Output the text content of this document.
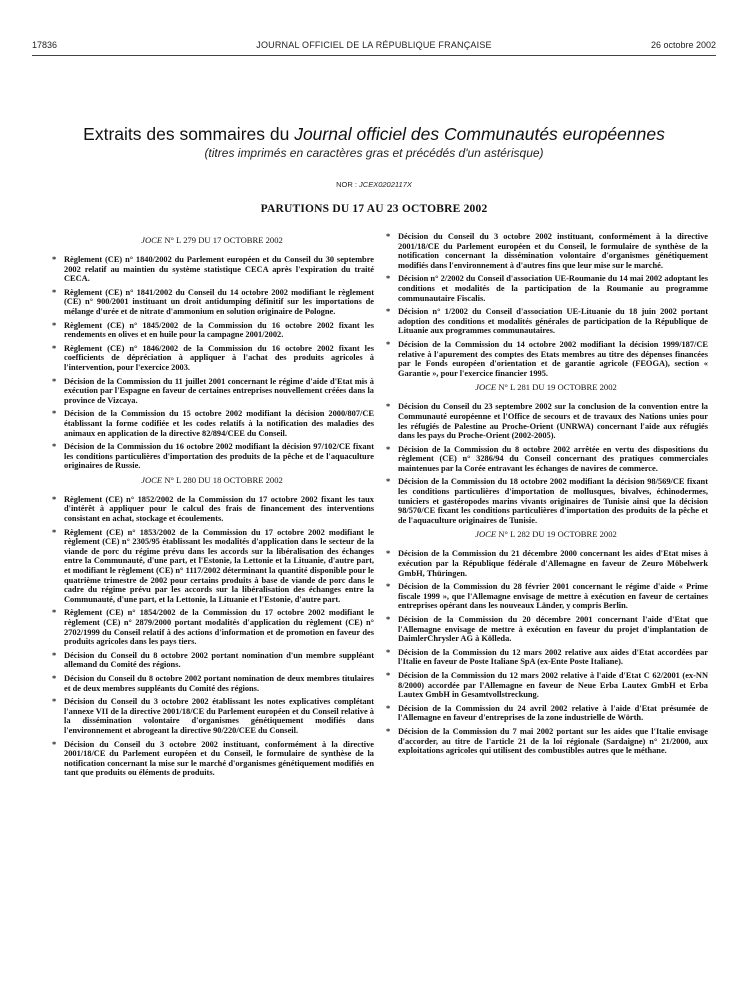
17836	JOURNAL OFFICIEL DE LA RÉPUBLIQUE FRANÇAISE	26 octobre 2002
Extraits des sommaires du Journal officiel des Communautés européennes
(titres imprimés en caractères gras et précédés d'un astérisque)
NOR : JCEX0202117X
PARUTIONS DU 17 AU 23 OCTOBRE 2002
JOCE N° L 279 DU 17 OCTOBRE 2002
* Règlement (CE) n° 1840/2002 du Parlement européen et du Conseil du 30 septembre 2002 relatif au maintien du système statistique CECA après l'expiration du traité CECA.
* Règlement (CE) n° 1841/2002 du Conseil du 14 octobre 2002 modifiant le règlement (CE) n° 900/2001 instituant un droit antidumping définitif sur les importations de mélange d'urée et de nitrate d'ammonium en solution originaire de Pologne.
* Règlement (CE) n° 1845/2002 de la Commission du 16 octobre 2002 fixant les rendements en olives et en huile pour la campagne 2001/2002.
* Règlement (CE) n° 1846/2002 de la Commission du 16 octobre 2002 fixant les coefficients de dépréciation à appliquer à l'achat des produits agricoles à l'intervention, pour l'exercice 2003.
* Décision de la Commission du 11 juillet 2001 concernant le régime d'aide d'Etat mis à exécution par l'Espagne en faveur de certaines entreprises nouvellement créées dans la province de Vizcaya.
* Décision de la Commission du 15 octobre 2002 modifiant la décision 2000/807/CE établissant la forme codifiée et les codes relatifs à la notification des maladies des animaux en application de la directive 82/894/CEE du Conseil.
* Décision de la Commission du 16 octobre 2002 modifiant la décision 97/102/CE fixant les conditions particulières d'importation des produits de la pêche et de l'aquaculture originaires de Russie.
JOCE N° L 280 DU 18 OCTOBRE 2002
* Règlement (CE) n° 1852/2002 de la Commission du 17 octobre 2002 fixant les taux d'intérêt à appliquer pour le calcul des frais de financement des interventions consistant en achat, stockage et écoulements.
* Règlement (CE) n° 1853/2002 de la Commission du 17 octobre 2002 modifiant le règlement (CE) n° 2305/95 établissant les modalités d'application dans le secteur de la viande de porc du régime prévu dans les accords sur la libéralisation des échanges entre la Communauté, d'une part, et l'Estonie, la Lettonie et la Lituanie, d'autre part, et modifiant le règlement (CE) n° 1117/2002 déterminant la quantité disponible pour le quatrième trimestre de 2002 pour certains produits à base de viande de porc dans le cadre du régime prévu par les accords sur la libéralisation des échanges entre la Communauté, d'une part, et la Lettonie, la Lituanie et l'Estonie, d'autre part.
* Règlement (CE) n° 1854/2002 de la Commission du 17 octobre 2002 modifiant le règlement (CE) n° 2879/2000 portant modalités d'application du règlement (CE) n° 2702/1999 du Conseil relatif à des actions d'information et de promotion en faveur des produits agricoles dans les pays tiers.
* Décision du Conseil du 8 octobre 2002 portant nomination d'un membre suppléant allemand du Comité des régions.
* Décision du Conseil du 8 octobre 2002 portant nomination de deux membres titulaires et de deux membres suppléants du Comité des régions.
* Décision du Conseil du 3 octobre 2002 établissant les notes explicatives complétant l'annexe VII de la directive 2001/18/CE du Parlement européen et du Conseil relative à la dissémination volontaire d'organismes génétiquement modifiés dans l'environnement et abrogeant la directive 90/220/CEE du Conseil.
* Décision du Conseil du 3 octobre 2002 instituant, conformément à la directive 2001/18/CE du Parlement européen et du Conseil, le formulaire de synthèse de la notification concernant la mise sur le marché d'organismes génétiquement modifiés en tant que produits ou éléments de produits.
* Décision du Conseil du 3 octobre 2002 instituant, conformément à la directive 2001/18/CE du Parlement européen et du Conseil, le formulaire de synthèse de la notification concernant la dissémination volontaire d'organismes génétiquement modifiés dans l'environnement à d'autres fins que leur mise sur le marché.
* Décision n° 2/2002 du Conseil d'association UE-Roumanie du 14 mai 2002 adoptant les conditions et modalités de la participation de la Roumanie au programme communautaire Fiscalis.
* Décision n° 1/2002 du Conseil d'association UE-Lituanie du 18 juin 2002 portant adoption des conditions et modalités générales de participation de la République de Lituanie aux programmes communautaires.
* Décision de la Commission du 14 octobre 2002 modifiant la décision 1999/187/CE relative à l'apurement des comptes des Etats membres au titre des dépenses financées par le Fonds européen d'orientation et de garantie agricole (FEOGA), section « Garantie », pour l'exercice financier 1995.
JOCE N° L 281 DU 19 OCTOBRE 2002
* Décision du Conseil du 23 septembre 2002 sur la conclusion de la convention entre la Communauté européenne et l'Office de secours et de travaux des Nations unies pour les réfugiés de Palestine au Proche-Orient (UNRWA) concernant l'aide aux réfugiés dans les pays du Proche-Orient (2002-2005).
* Décision de la Commission du 8 octobre 2002 arrêtée en vertu des dispositions du règlement (CE) n° 3286/94 du Conseil concernant des pratiques commerciales maintenues par la Corée entravant les échanges de navires de commerce.
* Décision de la Commission du 18 octobre 2002 modifiant la décision 98/569/CE fixant les conditions particulières d'importation de mollusques, bivalves, échinodermes, tuniciers et gastéropodes marins vivants originaires de Tunisie ainsi que la décision 98/570/CE fixant les conditions particulières d'importation des produits de la pêche et de l'aquaculture originaires de Tunisie.
JOCE N° L 282 DU 19 OCTOBRE 2002
* Décision de la Commission du 21 décembre 2000 concernant les aides d'Etat mises à exécution par la République fédérale d'Allemagne en faveur de Zeuro Möbelwerk GmbH, Thüringen.
* Décision de la Commission du 28 février 2001 concernant le régime d'aide « Prime fiscale 1999 », que l'Allemagne envisage de mettre à exécution en faveur de certaines entreprises opérant dans les nouveaux Länder, y compris Berlin.
* Décision de la Commission du 20 décembre 2001 concernant l'aide d'Etat que l'Allemagne envisage de mettre à exécution en faveur du projet d'implantation de DaimlerChrysler AG à Kölleda.
* Décision de la Commission du 12 mars 2002 relative aux aides d'Etat accordées par l'Italie en faveur de Poste Italiane SpA (ex-Ente Poste Italiane).
* Décision de la Commission du 12 mars 2002 relative à l'aide d'Etat C 62/2001 (ex-NN 8/2000) accordée par l'Allemagne en faveur de Neue Erba Lautex GmbH et Erba Lautex GmbH in Gesamtvollstreckung.
* Décision de la Commission du 24 avril 2002 relative à l'aide d'Etat présumée de l'Allemagne en faveur d'entreprises de la zone industrielle de Wörth.
* Décision de la Commission du 7 mai 2002 portant sur les aides que l'Italie envisage d'accorder, au titre de l'article 21 de la loi régionale (Sardaigne) n° 21/2000, aux exploitations agricoles qui utilisent des combustibles autres que le méthane.
